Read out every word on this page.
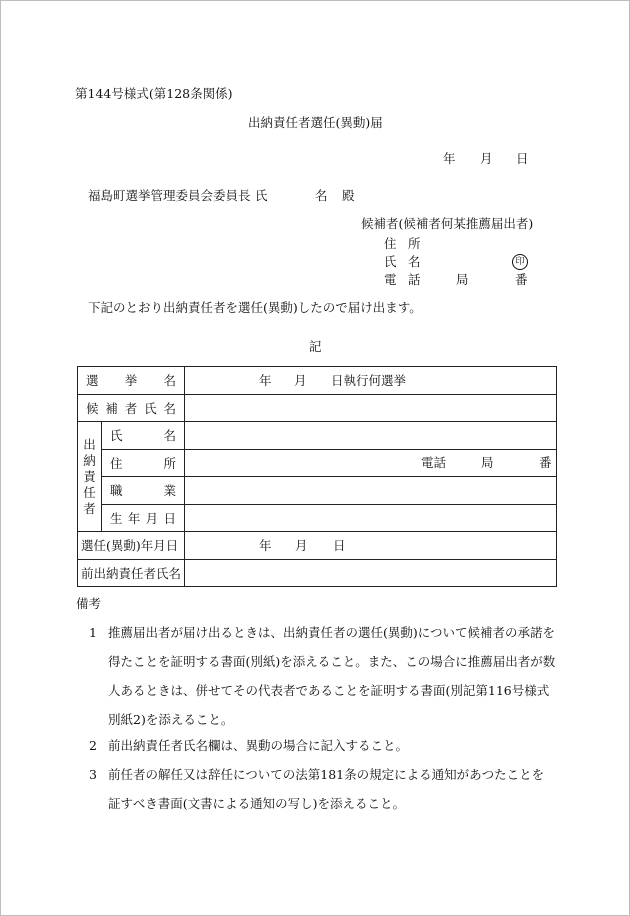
第144号様式(第128条関係)
出納責任者選任(異動)届
年 月 日
福島町選挙管理委員会委員長 氏	名 殿
候補者(候補者何某推薦届出者)
住 所
氏 名	印
電 話	局	番
下記のとおり出納責任者を選任(異動)したので届け出ます。
記
選 挙 名		年 月 日執行何選挙

候 補 者 氏 名		

出
納
責
任
者	氏 名	

	住 所	電話 局 番

	職 業	

	生 年 月 日	

選任(異動)年月日		年 月 日
前出納責任者氏名		
備考
1 推薦届出者が届け出るときは、出納責任者の選任(異動)について候補者の承諾を得たことを証明する書面(別紙)を添えること。また、この場合に推薦届出者が数人あるときは、併せてその代表者であることを証明する書面(別記第116号様式別紙2)を添えること。
2 前出納責任者氏名欄は、異動の場合に記入すること。
3 前任者の解任又は辞任についての法第181条の規定による通知があつたことを証すべき書面(文書による通知の写し)を添えること。
